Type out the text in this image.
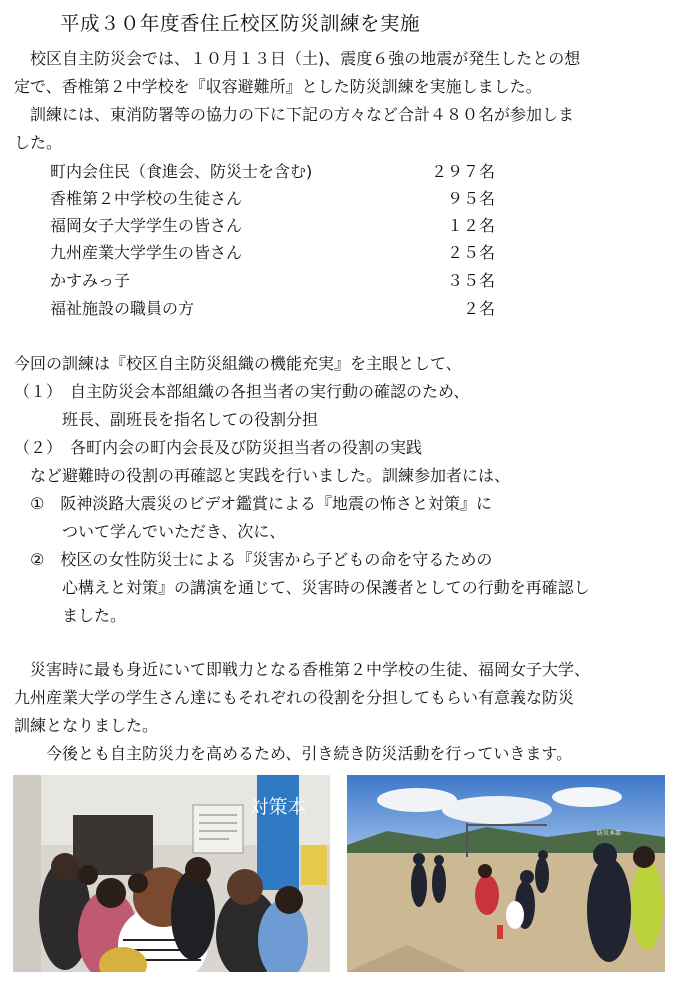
平成３０年度香住丘校区防災訓練を実施
　校区自主防災会では、１０月１３日（土)、震度６強の地震が発生したとの想
定で、香椎第２中学校を『収容避難所』とした防災訓練を実施しました。
　訓練には、東消防署等の協力の下に下記の方々など合計４８０名が参加しま
した。
町内会住民（食進会、防災士を含む)	２９７名
香椎第２中学校の生徒さん	９５名
福岡女子大学学生の皆さん	１２名
九州産業大学学生の皆さん	２５名
かすみっ子	３５名
福祉施設の職員の方	２名
今回の訓練は『校区自主防災組織の機能充実』を主眼として、
（１）　自主防災会本部組織の各担当者の実行動の確認のため、
　　　班長、副班長を指名しての役割分担
（２）　各町内会の町内会長及び防災担当者の役割の実践
　など避難時の役割の再確認と実践を行いました。訓練参加者には、
　①　阪神淡路大震災のビデオ鑑賞による『地震の怖さと対策』に
　　　ついて学んでいただき、次に、
　②　校区の女性防災士による『災害から子どもの命を守るための
　　　心構えと対策』の講演を通じて、災害時の保護者としての行動を再確認し
　　　ました。
　災害時に最も身近にいて即戦力となる香椎第２中学校の生徒、福岡女子大学、
九州産業大学の学生さん達にもそれぞれの役割を分担してもらい有意義な防災
訓練となりました。
　　今後とも自主防災力を高めるため、引き続き防災活動を行っていきます。
対策本
防災本部
